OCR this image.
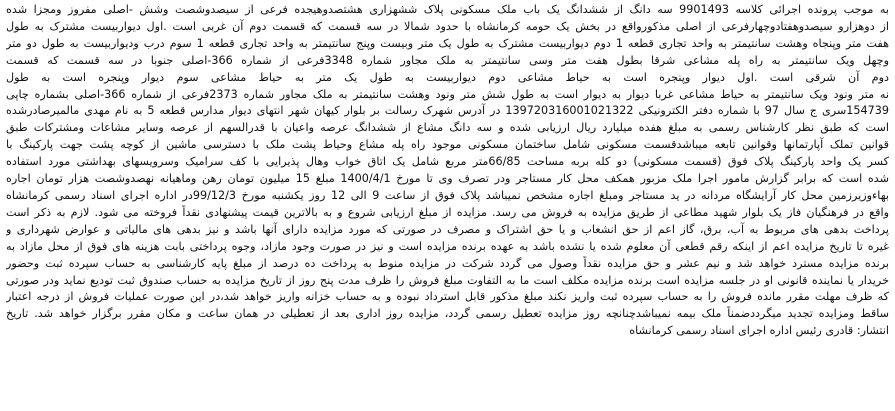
به موجب پرونده اجرائی کلاسه 9901493 سه دانگ از ششدانگ یک باب ملک مسکونی پلاک ششهزاری هشتصدوهیجده فرعی از سیصدوشصت وشش -اصلی مفروز ومجزا شده
از دوهزارو سیصدوهفتادوچهارفرعی از اصلی مذکورواقع در بخش یک حومه کرمانشاه با حدود شمالا در سه قسمت که قسمت دوم آن غربی است .اول دیواربیست مشترک به طول
هفت متر وپنجاه وهشت سانتیمتر به واحد تجاری قطعه 1 دوم دیواربیست مشترک به طول یک متر وبیست وپنج سانتیمتر به واحد تجاری قطعه 1 سوم درب ودیواربیست به طول دو متر
وچهل ویک سانتیمتر به راه پله مشاعی شرقا بطول هفت متر وسی سانتیمتر به ملک مجاور شماره 3348فرعی از شماره 366-اصلی جنوبا در سه قسمت که قسمت
دوم آن شرقی است .اول دیوار وپنجره است به حیاط مشاعی دوم دیواربیست به طول یک متر به حیاط مشاعی سوم دیوار وپنجره است به طول
نه متر ونود ویک سانتیمتر به حیاط مشاعی غربا دیوار به دیوار است به طول شش متر ونود وهشت سانتیمتر به ملک مجاور شماره 2373فرعی از شماره 366-اصلی بشماره چاپی
154739سری ج سال 97 با شماره دفتر الکترونیکی 139720316001021322 در آدرس شهرک رسالت بر بلوار کیهان شهر انتهای دیوار مدارس قطعه 5 به نام مهدی مالمیرصادرشده
است که طبق نظر کارشناس رسمی به مبلغ هفده میلیارد ریال ارزیابی شده و سه دانگ مشاع از ششدانگ عرصه واعیان با قدرالسهم از عرصه وسایر مشاعات ومشترکات طبق
قوانین تملک آپارتمانها وقوانین تابعه میباشدقسمت مسکونی شامل ساختمان مسکونی موجود راه پله مشاع وحیاط پشت ملک با دسترسی ماشین از کوچه پشت جهت پارکینگ با
کسر یک واحد پارکینگ پلاک فوق (قسمت مسکونی) دو کله بربه مساحت 66/85متر مربع شامل یک اتاق خواب وهال پذیرایی با کف سرامیک وسرویسهای بهداشتی مورد استفاده
شده است که برابر گزارش مامور اجرا ملک مزبور همکف محل کار مستاجر ودر تصرف وی تا مورخ 1400/4/1 مبلغ 15 میلیون تومان رهن وماهیانه نهصدوشصت هزار تومان اجاره
بهاءوزیرزمین محل کار آرایشگاه مردانه در ید مستاجر ومبلغ اجاره مشخص نمیباشد پلاک فوق از ساعت 9 الی 12 روز یکشنبه مورخ 99/12/3در اداره اجرای اسناد رسمی کرمانشاه
واقع در فرهنگیان فاز یک بلوار شهید مطاعی از طریق مزایده به فروش می رسد. مزایده از مبلغ ارزیابی شروع و به بالاترین قیمت پیشنهادی نقداً فروخته می شود. لازم به ذکر است
پرداخت بدهی های مربوط به آب، برق، گاز اعم از حق انشعاب و یا حق اشتراک و مصرف در صورتی که مورد مزایده دارای آنها باشد و نیز بدهی های مالیاتی و عوارض شهرداری و
غیره تا تاریخ مزایده اعم از اینکه رقم قطعی آن معلوم شده یا نشده باشد به عهده برنده مزایده است و نیز در صورت وجود مازاد، وجوه پرداختی بابت هزینه های فوق از محل مازاد به
برنده مزایده مسترد خواهد شد و نیم عشر و حق مزایده نقداً وصول می گردد شرکت در مزایده منوط به پرداخت ده درصد از مبلغ پایه کارشناسی به حساب سپرده ثبت وحضور
خریدار یا نماینده قانونی او در جلسه مزایده است برنده مزایده مکلف است ما به التفاوت مبلغ فروش را ظرف مدت پنج روز از تاریخ مزایده به حساب صندوق ثبت تودیع نماید ودر صورتی
که ظرف مهلت مقرر مانده فروش را به حساب سپرده ثبت واریز نکند مبلغ مذکور قابل استرداد نبوده و به حساب خزانه واریز خواهد شد،در این صورت عملیات فروش از درجه اعتبار
ساقط ومزایده تجدید میگرددضمناً ملک بیمه نمیباشدچنانچه روز مزایده تعطیل رسمی گردد، مزایده روز اداری بعد از تعطیلی در همان ساعت و مکان مقرر برگزار خواهد شد. تاریخ
انتشار: قادری رئیس اداره اجرای اسناد رسمی کرمانشاه
